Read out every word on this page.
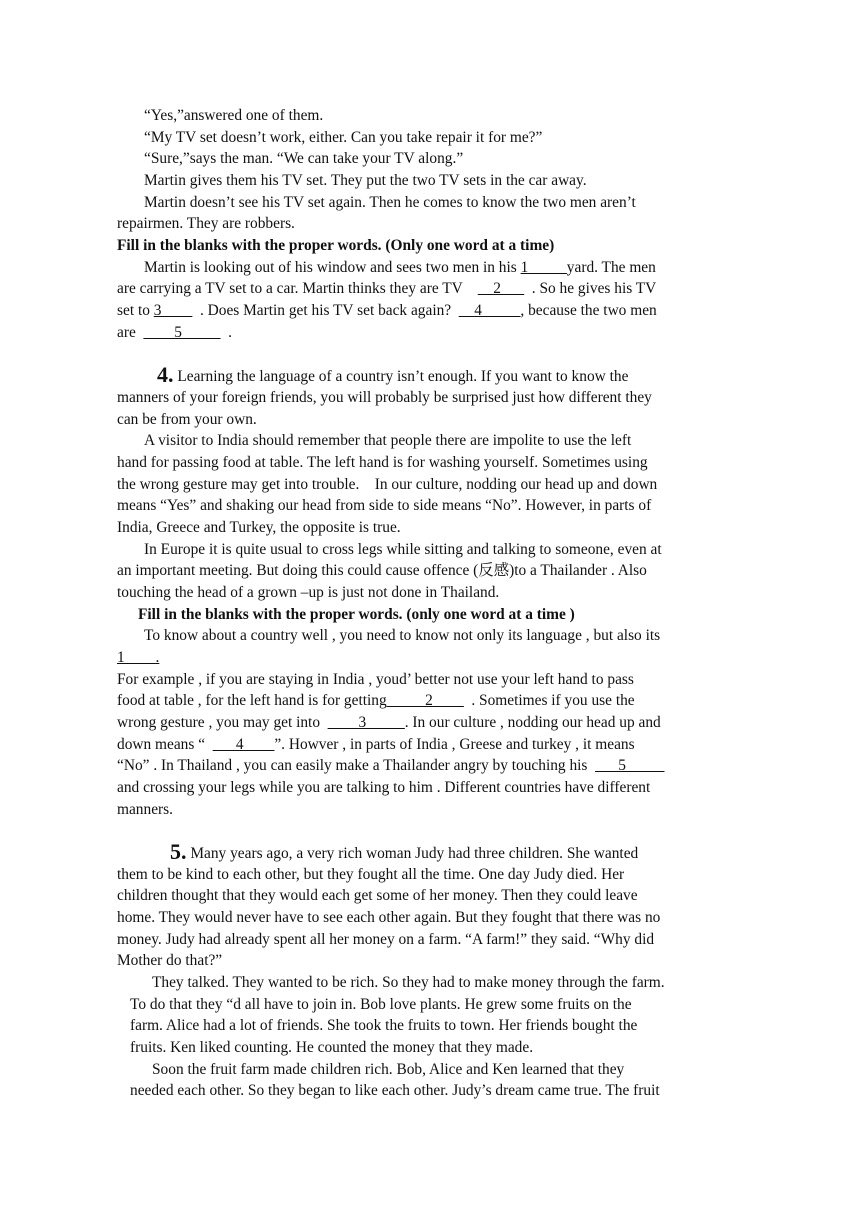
“Yes,”answered one of them.
“My TV set doesn’t work, either. Can you take repair it for me?”
“Sure,”says the man. “We can take your TV along.”
Martin gives them his TV set. They put the two TV sets in the car away.
Martin doesn’t see his TV set again. Then he comes to know the two men aren’t
repairmen. They are robbers.
Fill in the blanks with the proper words. (Only one word at a time)
Martin is looking out of his window and sees two men in his 1_____yard. The men
are carrying a TV set to a car. Martin thinks they are TV    __2___  . So he gives his TV
set to 3____  . Does Martin get his TV set back again?  __4_____, because the two men
are  ____5_____  .
4. Learning the language of a country isn’t enough. If you want to know the
manners of your foreign friends, you will probably be surprised just how different they
can be from your own.
A visitor to India should remember that people there are impolite to use the left
hand for passing food at table. The left hand is for washing yourself. Sometimes using
the wrong gesture may get into trouble.    In our culture, nodding our head up and down
means “Yes” and shaking our head from side to side means “No”. However, in parts of
India, Greece and Turkey, the opposite is true.
In Europe it is quite usual to cross legs while sitting and talking to someone, even at
an important meeting. But doing this could cause offence (反感)to a Thailander . Also
touching the head of a grown –up is just not done in Thailand.
Fill in the blanks with the proper words. (only one word at a time )
To know about a country well , you need to know not only its language , but also its
1____.
For example , if you are staying in India , youd’ better not use your left hand to pass
food at table , for the left hand is for getting_____2____  . Sometimes if you use the
wrong gesture , you may get into  ____3_____. In our culture , nodding our head up and
down means “  ___4____”. Howver , in parts of India , Greese and turkey , it means
“No” . In Thailand , you can easily make a Thailander angry by touching his  ___5_____
and crossing your legs while you are talking to him . Different countries have different
manners.
5. Many years ago, a very rich woman Judy had three children. She wanted
them to be kind to each other, but they fought all the time. One day Judy died. Her
children thought that they would each get some of her money. Then they could leave
home. They would never have to see each other again. But they fought that there was no
money. Judy had already spent all her money on a farm. “A farm!” they said. “Why did
Mother do that?”
They talked. They wanted to be rich. So they had to make money through the farm.
To do that they “d all have to join in. Bob love plants. He grew some fruits on the
farm. Alice had a lot of friends. She took the fruits to town. Her friends bought the
fruits. Ken liked counting. He counted the money that they made.
Soon the fruit farm made children rich. Bob, Alice and Ken learned that they
needed each other. So they began to like each other. Judy’s dream came true. The fruit
